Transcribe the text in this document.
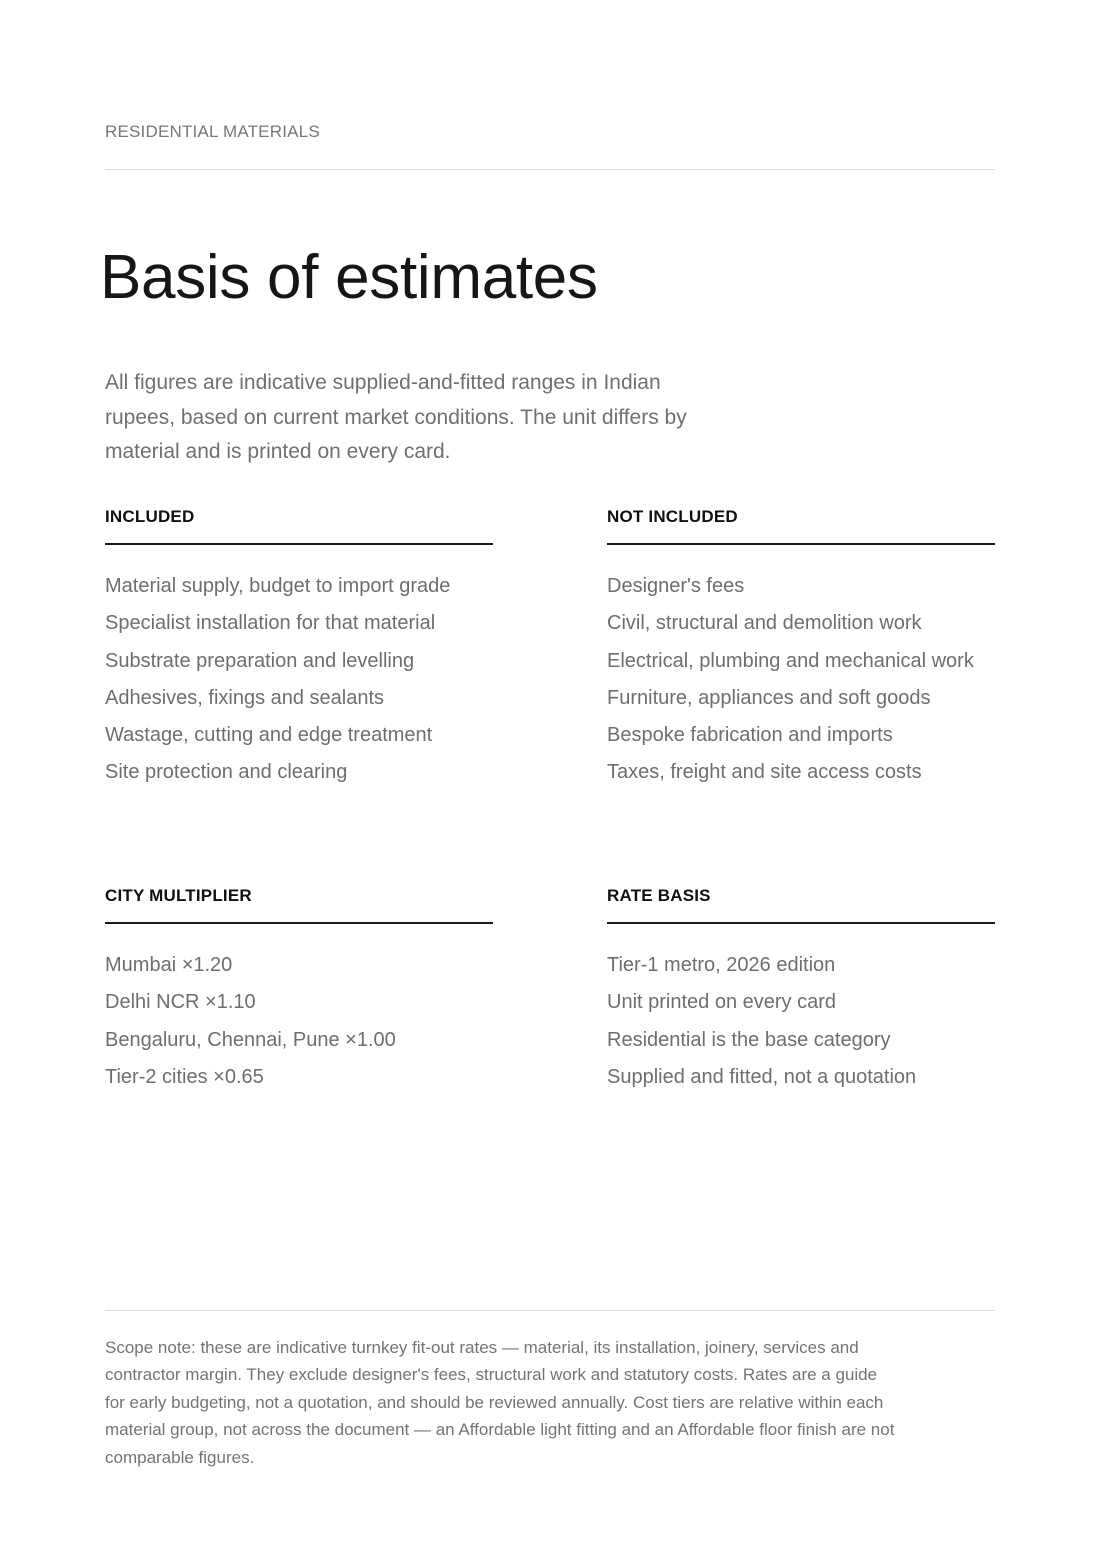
RESIDENTIAL MATERIALS

Basis of estimates

All figures are indicative supplied-and-fitted ranges in Indian rupees, based on current market conditions. The unit differs by material and is printed on every card.

INCLUDED
Material supply, budget to import grade
Specialist installation for that material
Substrate preparation and levelling
Adhesives, fixings and sealants
Wastage, cutting and edge treatment
Site protection and clearing
NOT INCLUDED
Designer's fees
Civil, structural and demolition work
Electrical, plumbing and mechanical work
Furniture, appliances and soft goods
Bespoke fabrication and imports
Taxes, freight and site access costs
CITY MULTIPLIER
Mumbai ×1.20
Delhi NCR ×1.10
Bengaluru, Chennai, Pune ×1.00
Tier-2 cities ×0.65
RATE BASIS
Tier-1 metro, 2026 edition
Unit printed on every card
Residential is the base category
Supplied and fitted, not a quotation

Scope note: these are indicative turnkey fit-out rates — material, its installation, joinery, services and contractor margin. They exclude designer's fees, structural work and statutory costs. Rates are a guide for early budgeting, not a quotation, and should be reviewed annually. Cost tiers are relative within each material group, not across the document — an Affordable light fitting and an Affordable floor finish are not comparable figures.
